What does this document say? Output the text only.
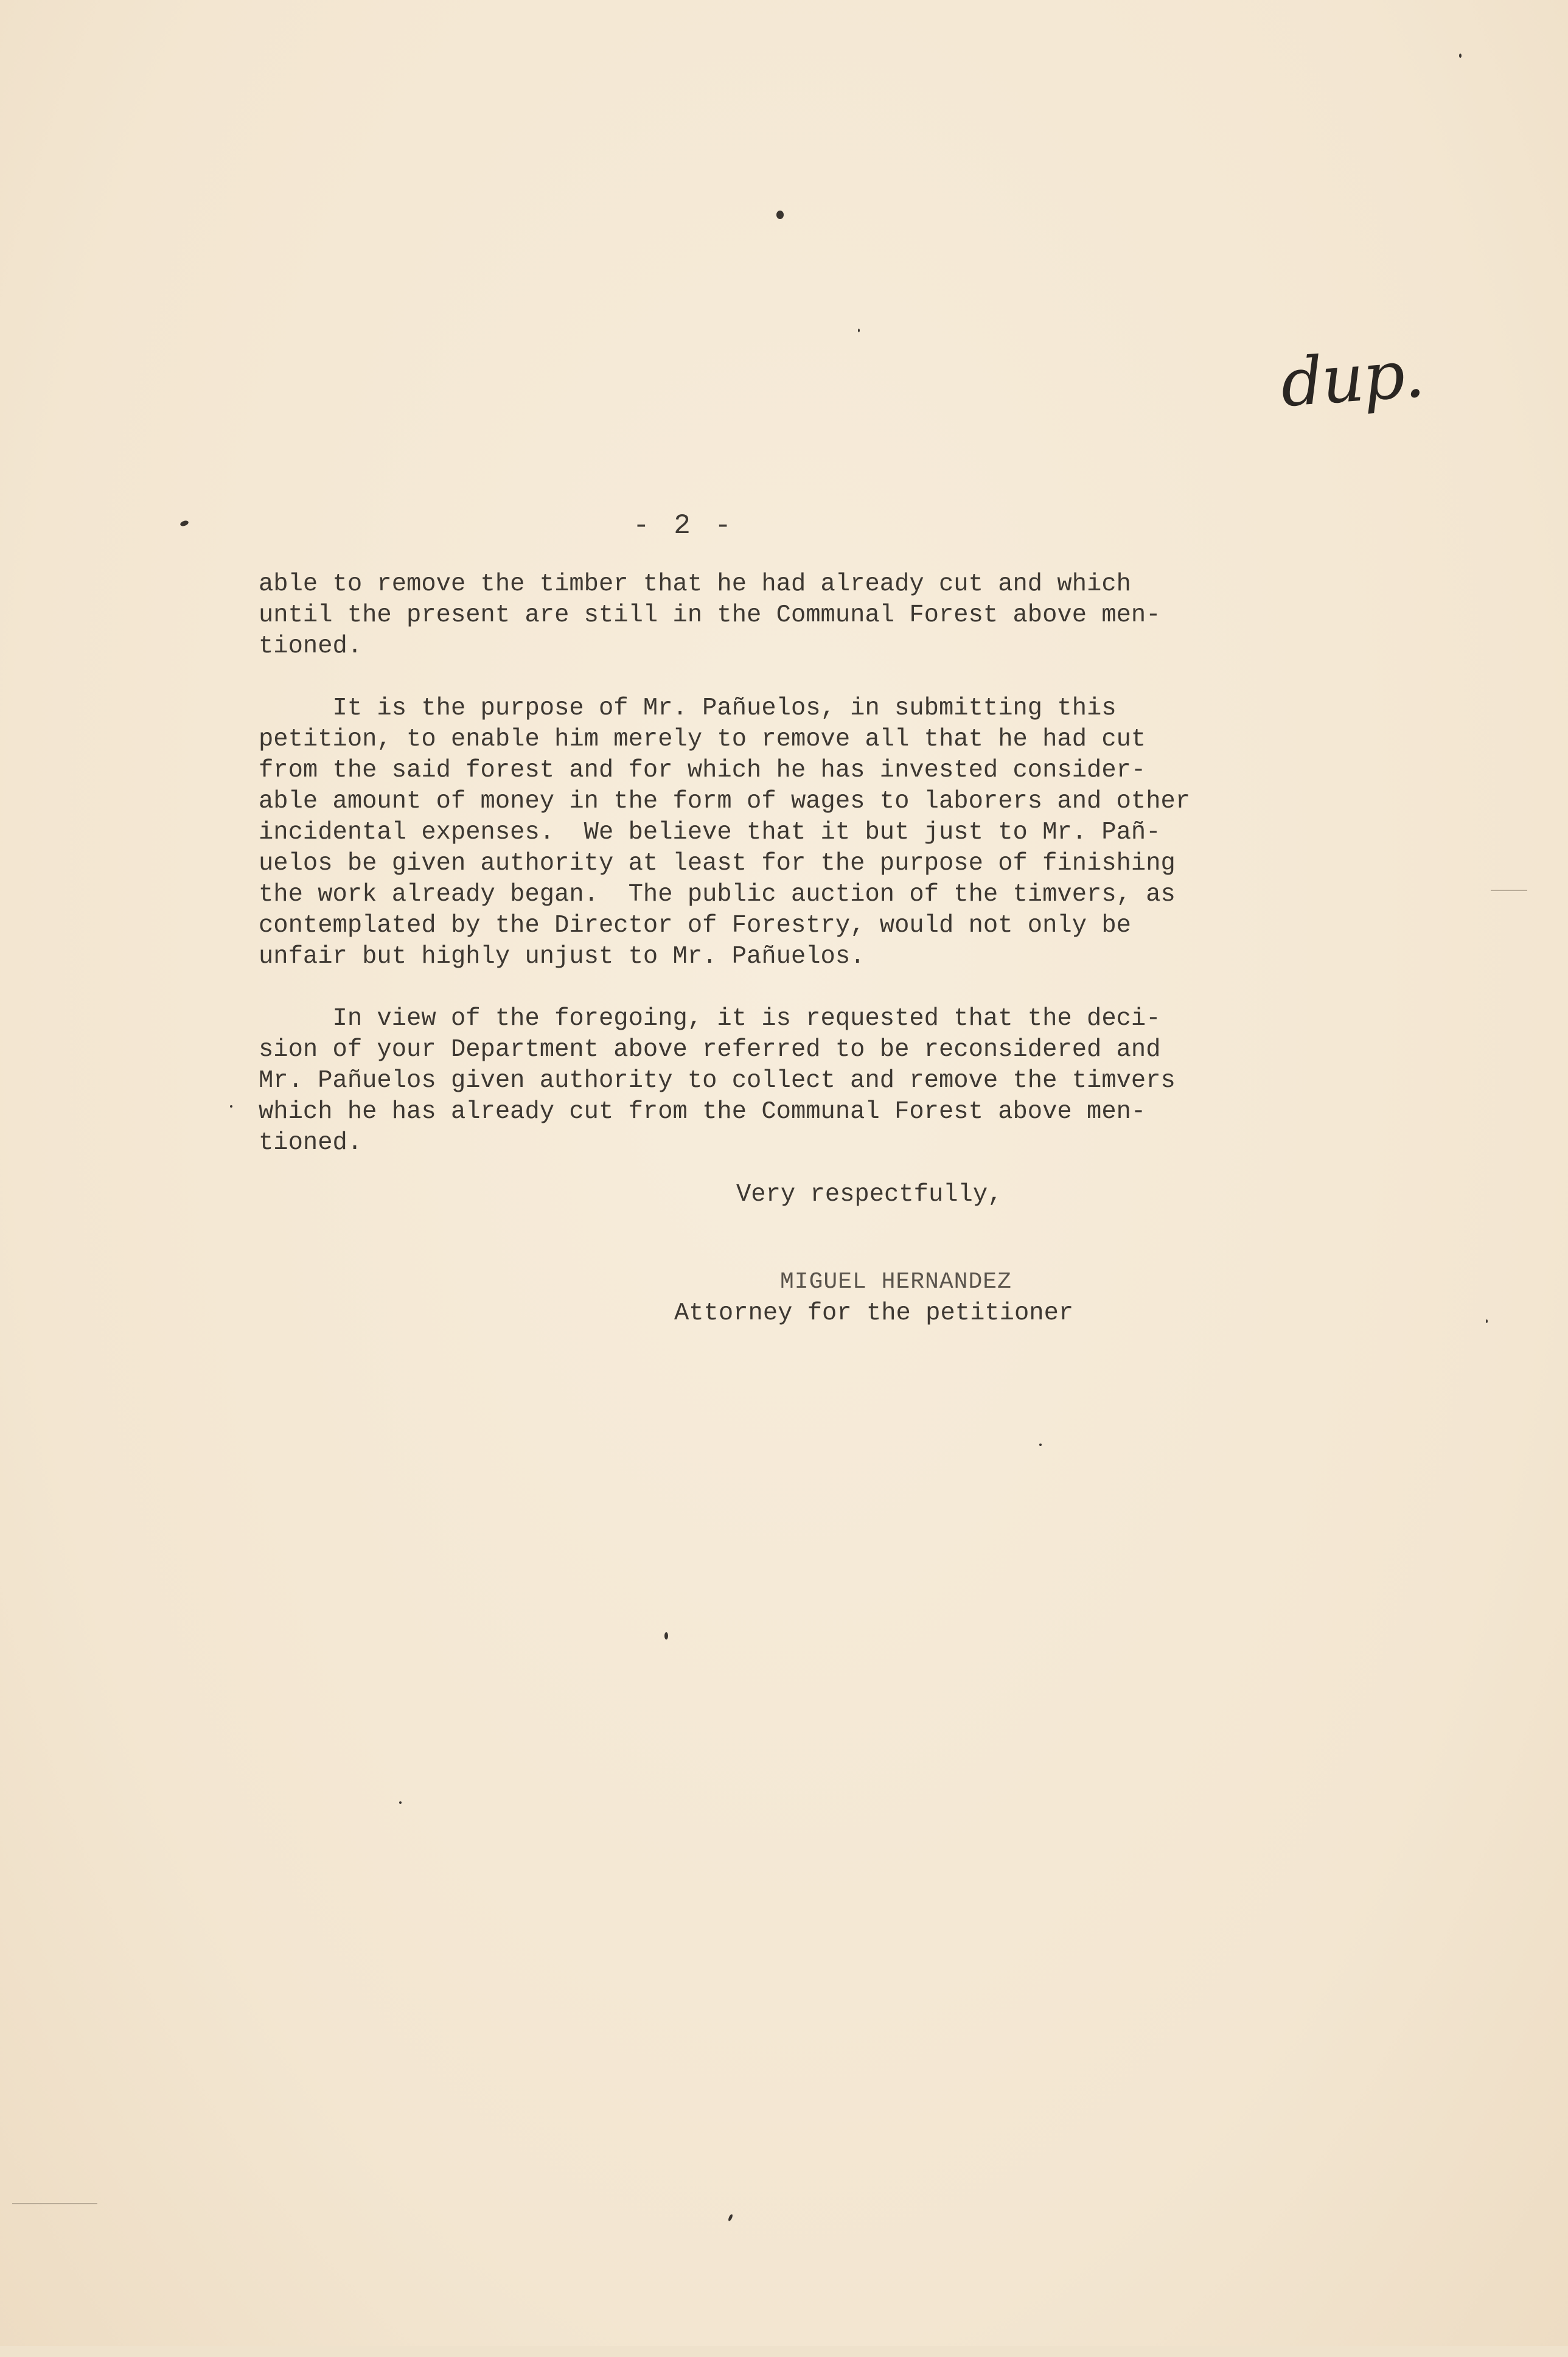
dup.
- 2 -
able to remove the timber that he had already cut and which
until the present are still in the Communal Forest above men-
tioned.
It is the purpose of Mr. Pañuelos, in submitting this
petition, to enable him merely to remove all that he had cut
from the said forest and for which he has invested consider-
able amount of money in the form of wages to laborers and other
incidental expenses.  We believe that it but just to Mr. Pañ-
uelos be given authority at least for the purpose of finishing
the work already began.  The public auction of the timvers, as
contemplated by the Director of Forestry, would not only be
unfair but highly unjust to Mr. Pañuelos.
In view of the foregoing, it is requested that the deci-
sion of your Department above referred to be reconsidered and
Mr. Pañuelos given authority to collect and remove the timvers
which he has already cut from the Communal Forest above men-
tioned.
Very respectfully,
MIGUEL HERNANDEZ
Attorney for the petitioner
